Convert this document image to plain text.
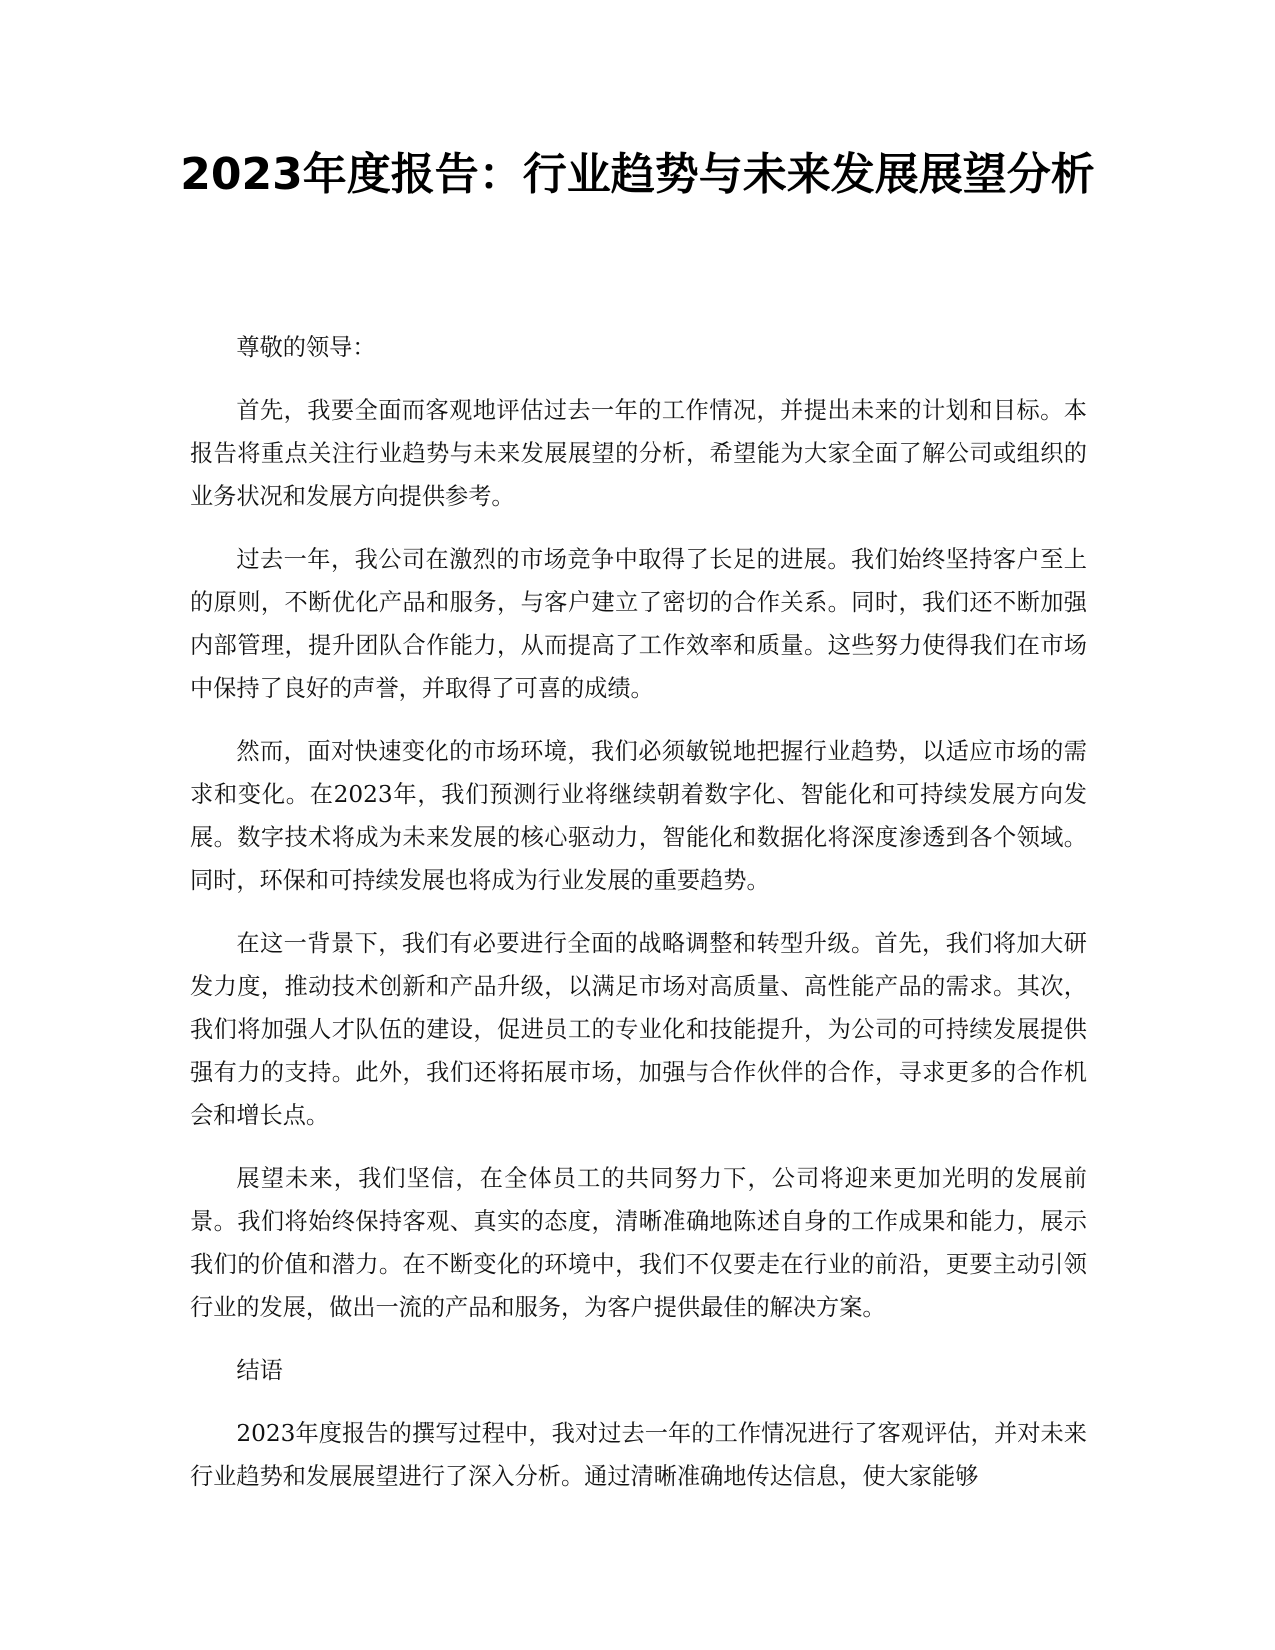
2023年度报告：行业趋势与未来发展展望分析

尊敬的领导：

首先，我要全面而客观地评估过去一年的工作情况，并提出未来的计划和目标。本报告将重点关注行业趋势与未来发展展望的分析，希望能为大家全面了解公司或组织的业务状况和发展方向提供参考。

过去一年，我公司在激烈的市场竞争中取得了长足的进展。我们始终坚持客户至上的原则，不断优化产品和服务，与客户建立了密切的合作关系。同时，我们还不断加强内部管理，提升团队合作能力，从而提高了工作效率和质量。这些努力使得我们在市场中保持了良好的声誉，并取得了可喜的成绩。

然而，面对快速变化的市场环境，我们必须敏锐地把握行业趋势，以适应市场的需求和变化。在2023年，我们预测行业将继续朝着数字化、智能化和可持续发展方向发展。数字技术将成为未来发展的核心驱动力，智能化和数据化将深度渗透到各个领域。同时，环保和可持续发展也将成为行业发展的重要趋势。

在这一背景下，我们有必要进行全面的战略调整和转型升级。首先，我们将加大研发力度，推动技术创新和产品升级，以满足市场对高质量、高性能产品的需求。其次，我们将加强人才队伍的建设，促进员工的专业化和技能提升，为公司的可持续发展提供强有力的支持。此外，我们还将拓展市场，加强与合作伙伴的合作，寻求更多的合作机会和增长点。

展望未来，我们坚信，在全体员工的共同努力下，公司将迎来更加光明的发展前景。我们将始终保持客观、真实的态度，清晰准确地陈述自身的工作成果和能力，展示我们的价值和潜力。在不断变化的环境中，我们不仅要走在行业的前沿，更要主动引领行业的发展，做出一流的产品和服务，为客户提供最佳的解决方案。

结语

2023年度报告的撰写过程中，我对过去一年的工作情况进行了客观评估，并对未来行业趋势和发展展望进行了深入分析。通过清晰准确地传达信息，使大家能够
